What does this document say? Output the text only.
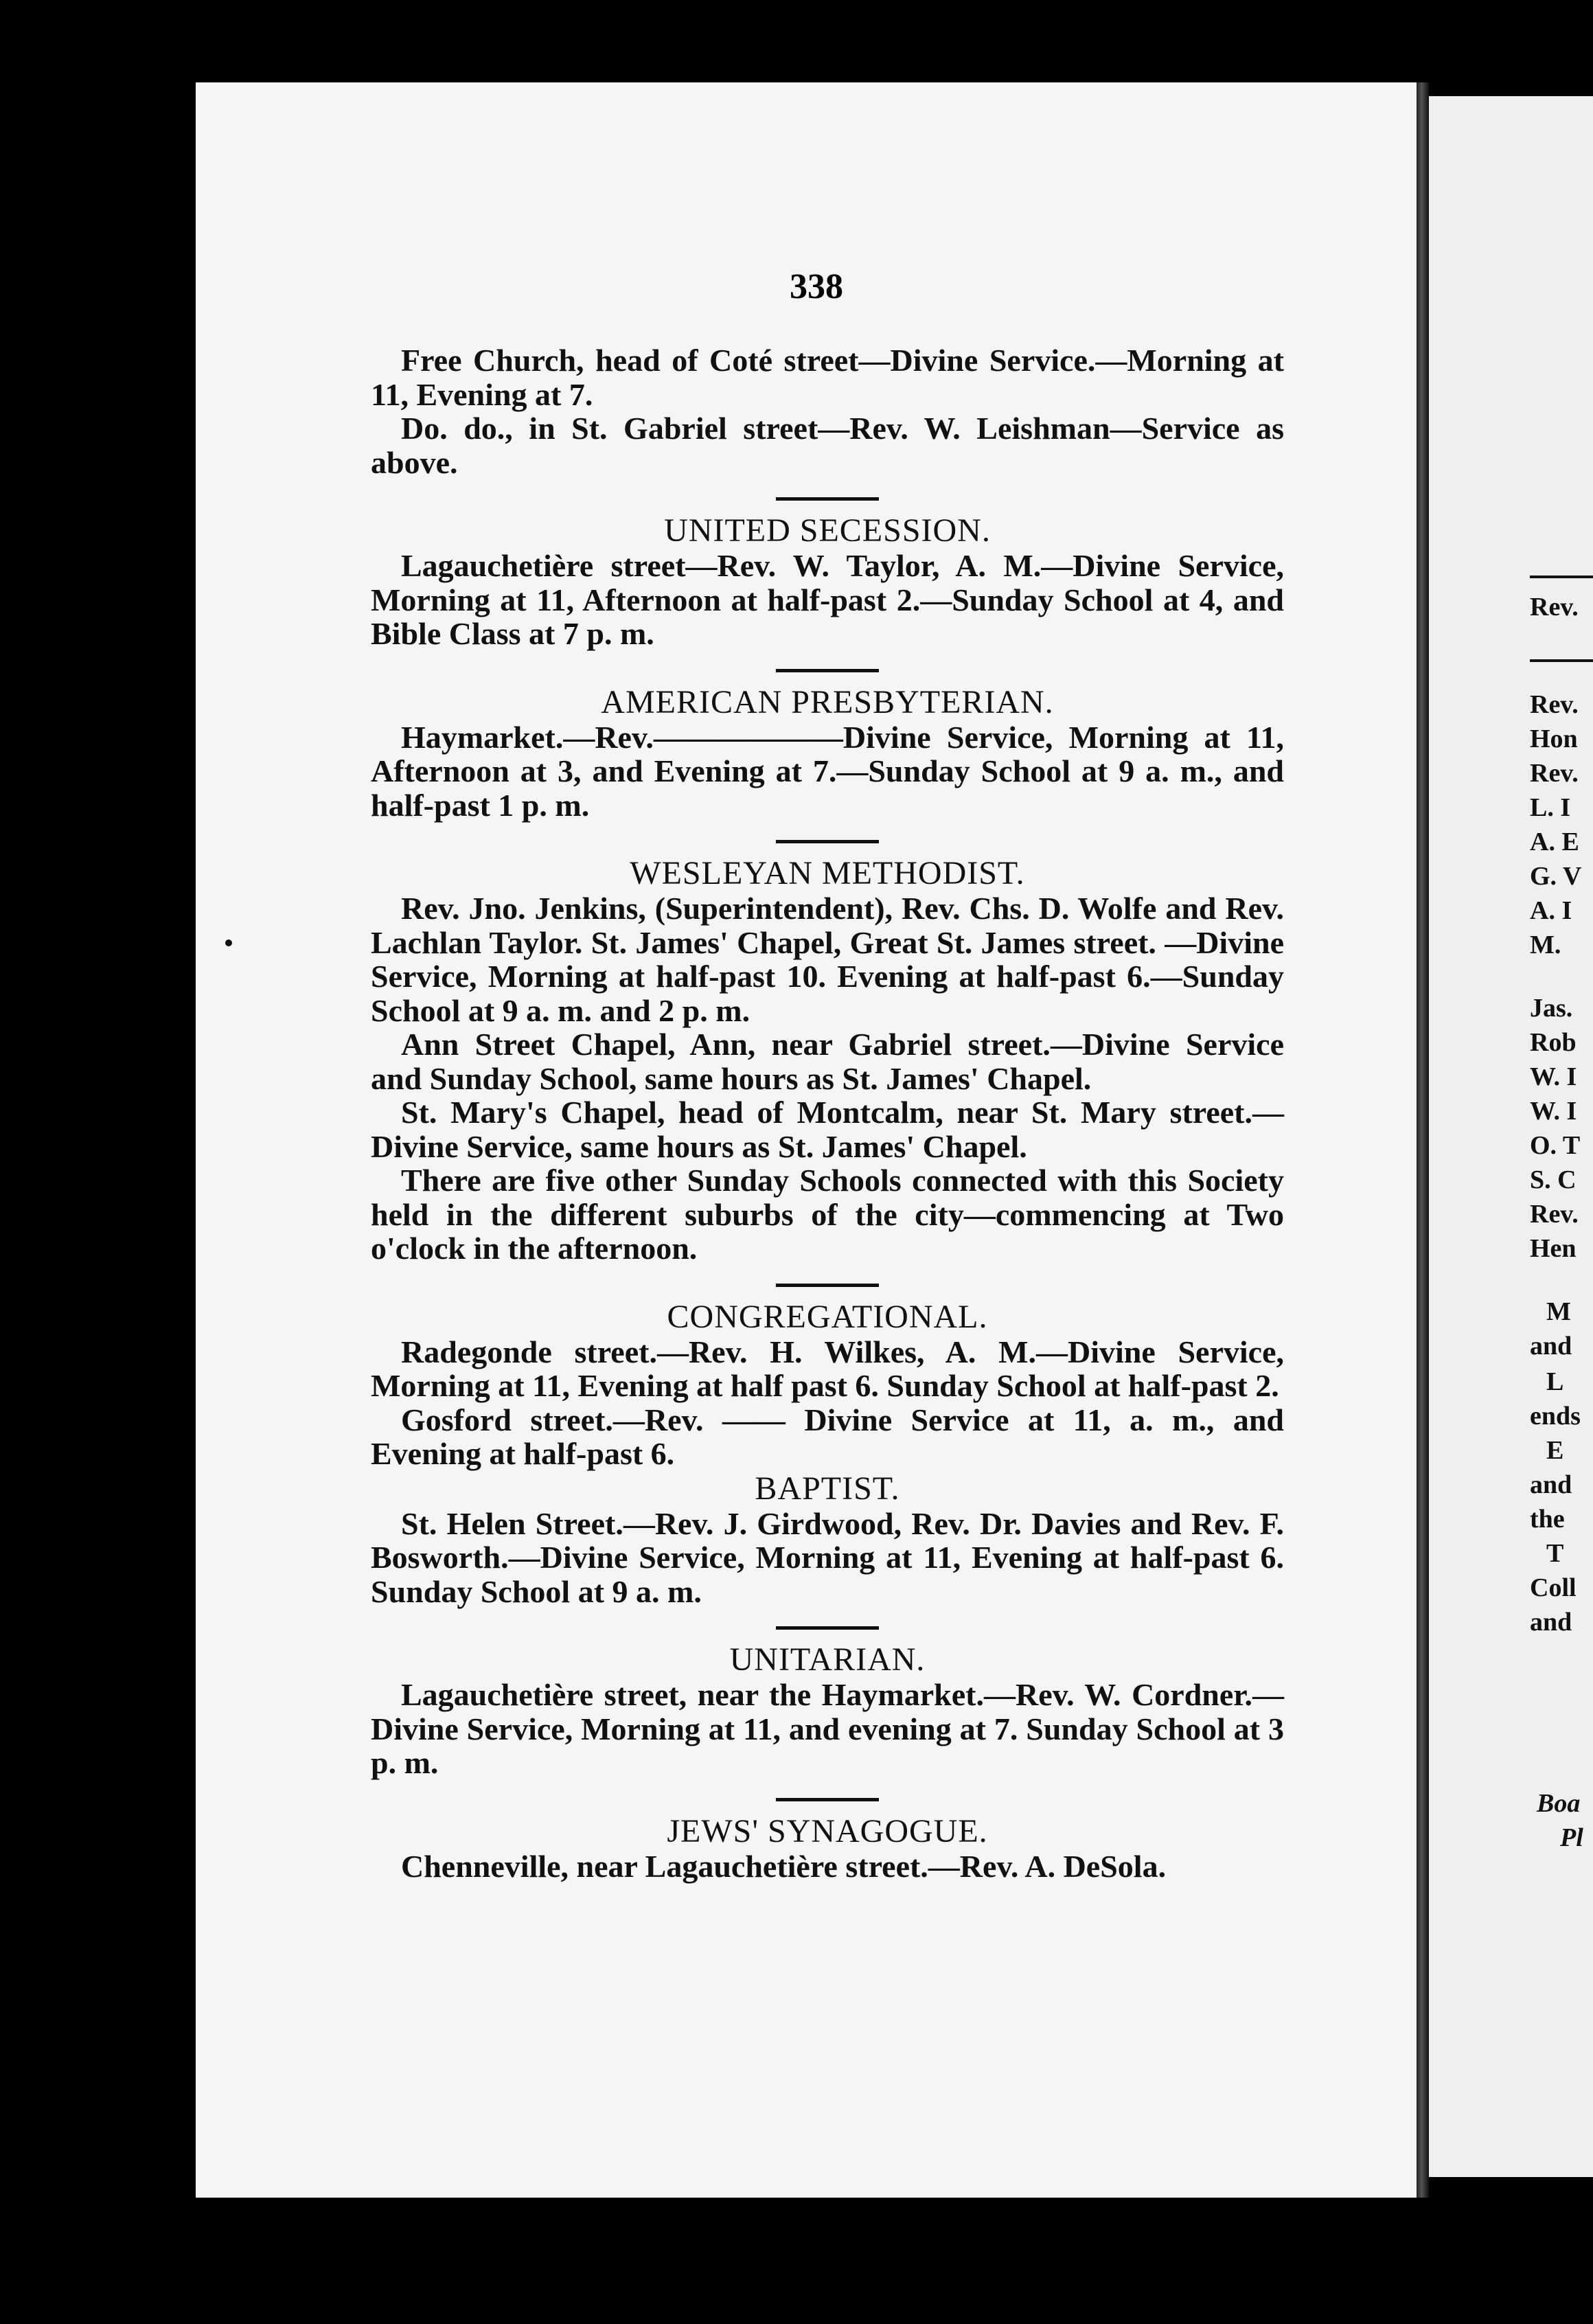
338

Free Church, head of Coté street—Divine Service.—Morning at 11, Evening at 7.

Do. do., in St. Gabriel street—Rev. W. Leishman—Service as above.

UNITED SECESSION.

Lagauchetière street—Rev. W. Taylor, A. M.—Divine Service, Morning at 11, Afternoon at half-past 2.—Sunday School at 4, and Bible Class at 7 p. m.

AMERICAN PRESBYTERIAN.

Haymarket.—Rev.——————Divine Service, Morning at 11, Afternoon at 3, and Evening at 7.—Sunday School at 9 a. m., and half-past 1 p. m.

WESLEYAN METHODIST.

Rev. Jno. Jenkins, (Superintendent), Rev. Chs. D. Wolfe and Rev. Lachlan Taylor. St. James' Chapel, Great St. James street. —Divine Service, Morning at half-past 10. Evening at half-past 6.—Sunday School at 9 a. m. and 2 p. m.

Ann Street Chapel, Ann, near Gabriel street.—Divine Service and Sunday School, same hours as St. James' Chapel.

St. Mary's Chapel, head of Montcalm, near St. Mary street.—Divine Service, same hours as St. James' Chapel.

There are five other Sunday Schools connected with this Society held in the different suburbs of the city—commencing at Two o'clock in the afternoon.

CONGREGATIONAL.

Radegonde street.—Rev. H. Wilkes, A. M.—Divine Service, Morning at 11, Evening at half past 6. Sunday School at half-past 2.

Gosford street.—Rev. —— Divine Service at 11, a. m., and Evening at half-past 6.

BAPTIST.

St. Helen Street.—Rev. J. Girdwood, Rev. Dr. Davies and Rev. F. Bosworth.—Divine Service, Morning at 11, Evening at half-past 6. Sunday School at 9 a. m.

UNITARIAN.

Lagauchetière street, near the Haymarket.—Rev. W. Cordner.—Divine Service, Morning at 11, and evening at 7. Sunday School at 3 p. m.

JEWS' SYNAGOGUE.

Chenneville, near Lagauchetière street.—Rev. A. DeSola.

Rev.
Rev.
Hon
Rev.
L. I
A. E
G. V
A. I
M.
Jas.
Rob
W. I
W. I
O. T
S. C
Rev.
Hen
M
and
L
ends
E
and
the
T
Coll
and
Boa
Pl
